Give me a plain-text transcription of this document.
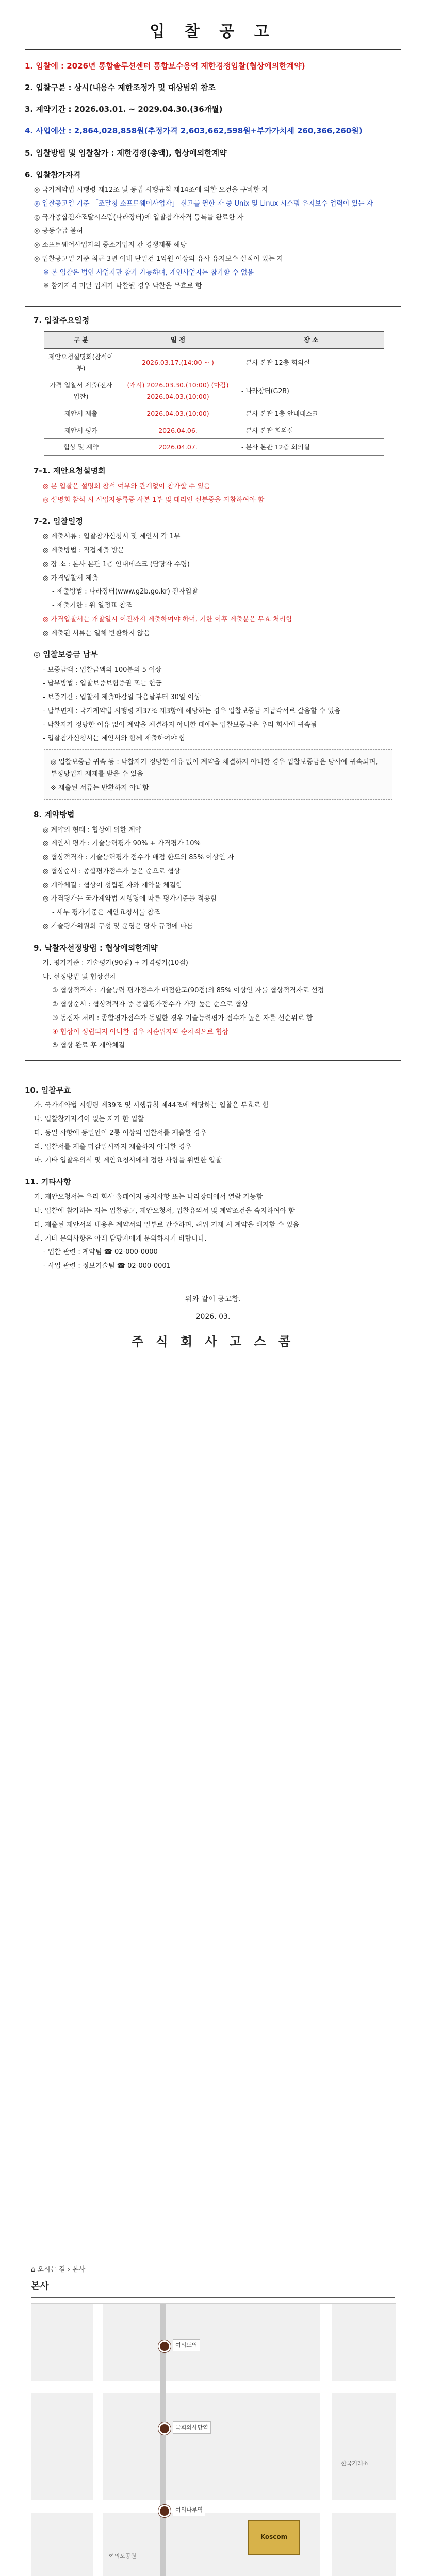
입 찰 공 고
1. 입찰에 : 2026년 통합솔루션센터 통합보수용역 제한경쟁입찰(협상에의한계약)
2. 입찰구분 : 상시(내용수 제한조정가 및 대상범위 참조
3. 계약기간 : 2026.03.01. ~ 2029.04.30.(36개월)
4. 사업예산 : 2,864,028,858원(추정가격 2,603,662,598원+부가가치세 260,366,260원)
5. 입찰방법 및 입찰참가 : 제한경쟁(총액), 협상에의한계약
6. 입찰참가자격
◎ 국가계약법 시행령 제12조 및 동법 시행규칙 제14조에 의한 요건을 구비한 자
◎ 입찰공고일 기준 「조달청 소프트웨어사업자」 신고를 필한 자 중 Unix 및 Linux 시스템 유지보수 업력이 있는 자
◎ 국가종합전자조달시스템(나라장터)에 입찰참가자격 등록을 완료한 자
◎ 공동수급 불허
◎ 소프트웨어사업자의 중소기업자 간 경쟁제품 해당
◎ 입찰공고일 기준 최근 3년 이내 단일건 1억원 이상의 유사 유지보수 실적이 있는 자
※ 본 입찰은 법인 사업자만 참가 가능하며, 개인사업자는 참가할 수 없음
※ 참가자격 미달 업체가 낙찰될 경우 낙찰을 무효로 함
7. 입찰주요일정
구 분	일 정	장 소
제안요청설명회(참석여부)	2026.03.17.(14:00 ~ )	- 본사 본관 12층 회의실
가격 입찰서 제출(전자입찰)	(개시) 2026.03.30.(10:00) (마감) 2026.04.03.(10:00)	- 나라장터(G2B)
제안서 제출	2026.04.03.(10:00)	- 본사 본관 1층 안내데스크
제안서 평가	2026.04.06.	- 본사 본관 회의실
협상 및 계약	2026.04.07.	- 본사 본관 12층 회의실
7-1. 제안요청설명회
◎ 본 입찰은 설명회 참석 여부와 관계없이 참가할 수 있음
◎ 설명회 참석 시 사업자등록증 사본 1부 및 대리인 신분증을 지참하여야 함
7-2. 입찰일정
◎ 제출서류 : 입찰참가신청서 및 제안서 각 1부
◎ 제출방법 : 직접제출 방문
◎ 장 소 : 본사 본관 1층 안내데스크 (담당자 수령)
◎ 가격입찰서 제출
- 제출방법 : 나라장터(www.g2b.go.kr) 전자입찰
- 제출기한 : 위 일정표 참조
◎ 가격입찰서는 개찰일시 이전까지 제출하여야 하며, 기한 이후 제출분은 무효 처리함
◎ 제출된 서류는 일체 반환하지 않음
◎ 입찰보증금 납부
- 보증금액 : 입찰금액의 100분의 5 이상
- 납부방법 : 입찰보증보험증권 또는 현금
- 보증기간 : 입찰서 제출마감일 다음날부터 30일 이상
- 납부면제 : 국가계약법 시행령 제37조 제3항에 해당하는 경우 입찰보증금 지급각서로 갈음할 수 있음
- 낙찰자가 정당한 이유 없이 계약을 체결하지 아니한 때에는 입찰보증금은 우리 회사에 귀속됨
- 입찰참가신청서는 제안서와 함께 제출하여야 함
◎ 입찰보증금 귀속 등 : 낙찰자가 정당한 이유 없이 계약을 체결하지 아니한 경우 입찰보증금은 당사에 귀속되며, 부정당업자 제재를 받을 수 있음
※ 제출된 서류는 반환하지 아니함
8. 계약방법
◎ 계약의 형태 : 협상에 의한 계약
◎ 제안서 평가 : 기술능력평가 90% + 가격평가 10%
◎ 협상적격자 : 기술능력평가 점수가 배점 한도의 85% 이상인 자
◎ 협상순서 : 종합평가점수가 높은 순으로 협상
◎ 계약체결 : 협상이 성립된 자와 계약을 체결함
◎ 가격평가는 국가계약법 시행령에 따른 평가기준을 적용함
- 세부 평가기준은 제안요청서를 참조
◎ 기술평가위원회 구성 및 운영은 당사 규정에 따름
9. 낙찰자선정방법 : 협상에의한계약
가. 평가기준 : 기술평가(90점) + 가격평가(10점)
나. 선정방법 및 협상절차
① 협상적격자 : 기술능력 평가점수가 배점한도(90점)의 85% 이상인 자를 협상적격자로 선정
② 협상순서 : 협상적격자 중 종합평가점수가 가장 높은 순으로 협상
③ 동점자 처리 : 종합평가점수가 동일한 경우 기술능력평가 점수가 높은 자를 선순위로 함
④ 협상이 성립되지 아니한 경우 차순위자와 순차적으로 협상
⑤ 협상 완료 후 계약체결
10. 입찰무효
가. 국가계약법 시행령 제39조 및 시행규칙 제44조에 해당하는 입찰은 무효로 함
나. 입찰참가자격이 없는 자가 한 입찰
다. 동일 사항에 동일인이 2통 이상의 입찰서를 제출한 경우
라. 입찰서를 제출 마감일시까지 제출하지 아니한 경우
마. 기타 입찰유의서 및 제안요청서에서 정한 사항을 위반한 입찰
11. 기타사항
가. 제안요청서는 우리 회사 홈페이지 공지사항 또는 나라장터에서 열람 가능함
나. 입찰에 참가하는 자는 입찰공고, 제안요청서, 입찰유의서 및 계약조건을 숙지하여야 함
다. 제출된 제안서의 내용은 계약서의 일부로 간주하며, 허위 기재 시 계약을 해지할 수 있음
라. 기타 문의사항은 아래 담당자에게 문의하시기 바랍니다.
- 입찰 관련 : 계약팀 ☎ 02-000-0000
- 사업 관련 : 정보기술팀 ☎ 02-000-0001
위와 같이 공고함.
2026. 03.
주 식 회 사 고 스 콤
⌂ 오시는 길 › 본사
본사
여의도역
국회의사당역
여의나루역
여의도공원
한국거래소
Koscom
